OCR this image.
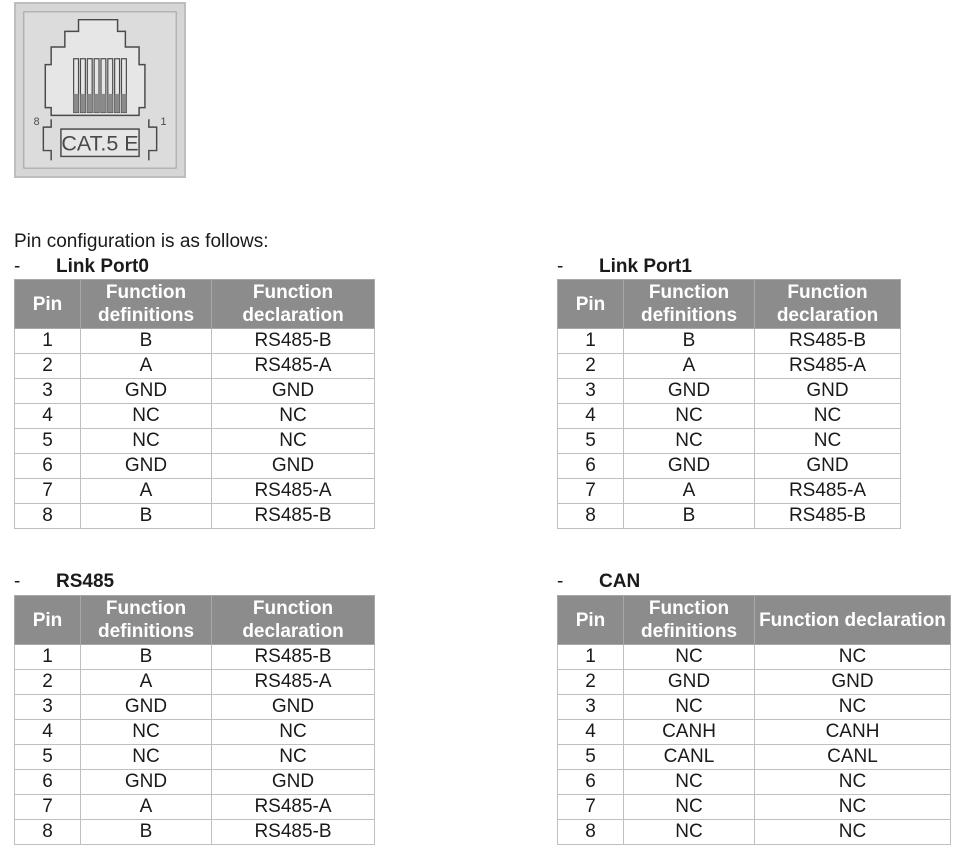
CAT.5 E
8	1
Pin configuration is as follows:
- Link Port0
Pin	Function definitions	Function declaration
1	B	RS485-B
2	A	RS485-A
3	GND	GND
4	NC	NC
5	NC	NC
6	GND	GND
7	A	RS485-A
8	B	RS485-B
- Link Port1
Pin	Function definitions	Function declaration
1	B	RS485-B
2	A	RS485-A
3	GND	GND
4	NC	NC
5	NC	NC
6	GND	GND
7	A	RS485-A
8	B	RS485-B
- RS485
Pin	Function definitions	Function declaration
1	B	RS485-B
2	A	RS485-A
3	GND	GND
4	NC	NC
5	NC	NC
6	GND	GND
7	A	RS485-A
8	B	RS485-B
- CAN
Pin	Function definitions	Function declaration
1	NC	NC
2	GND	GND
3	NC	NC
4	CANH	CANH
5	CANL	CANL
6	NC	NC
7	NC	NC
8	NC	NC
